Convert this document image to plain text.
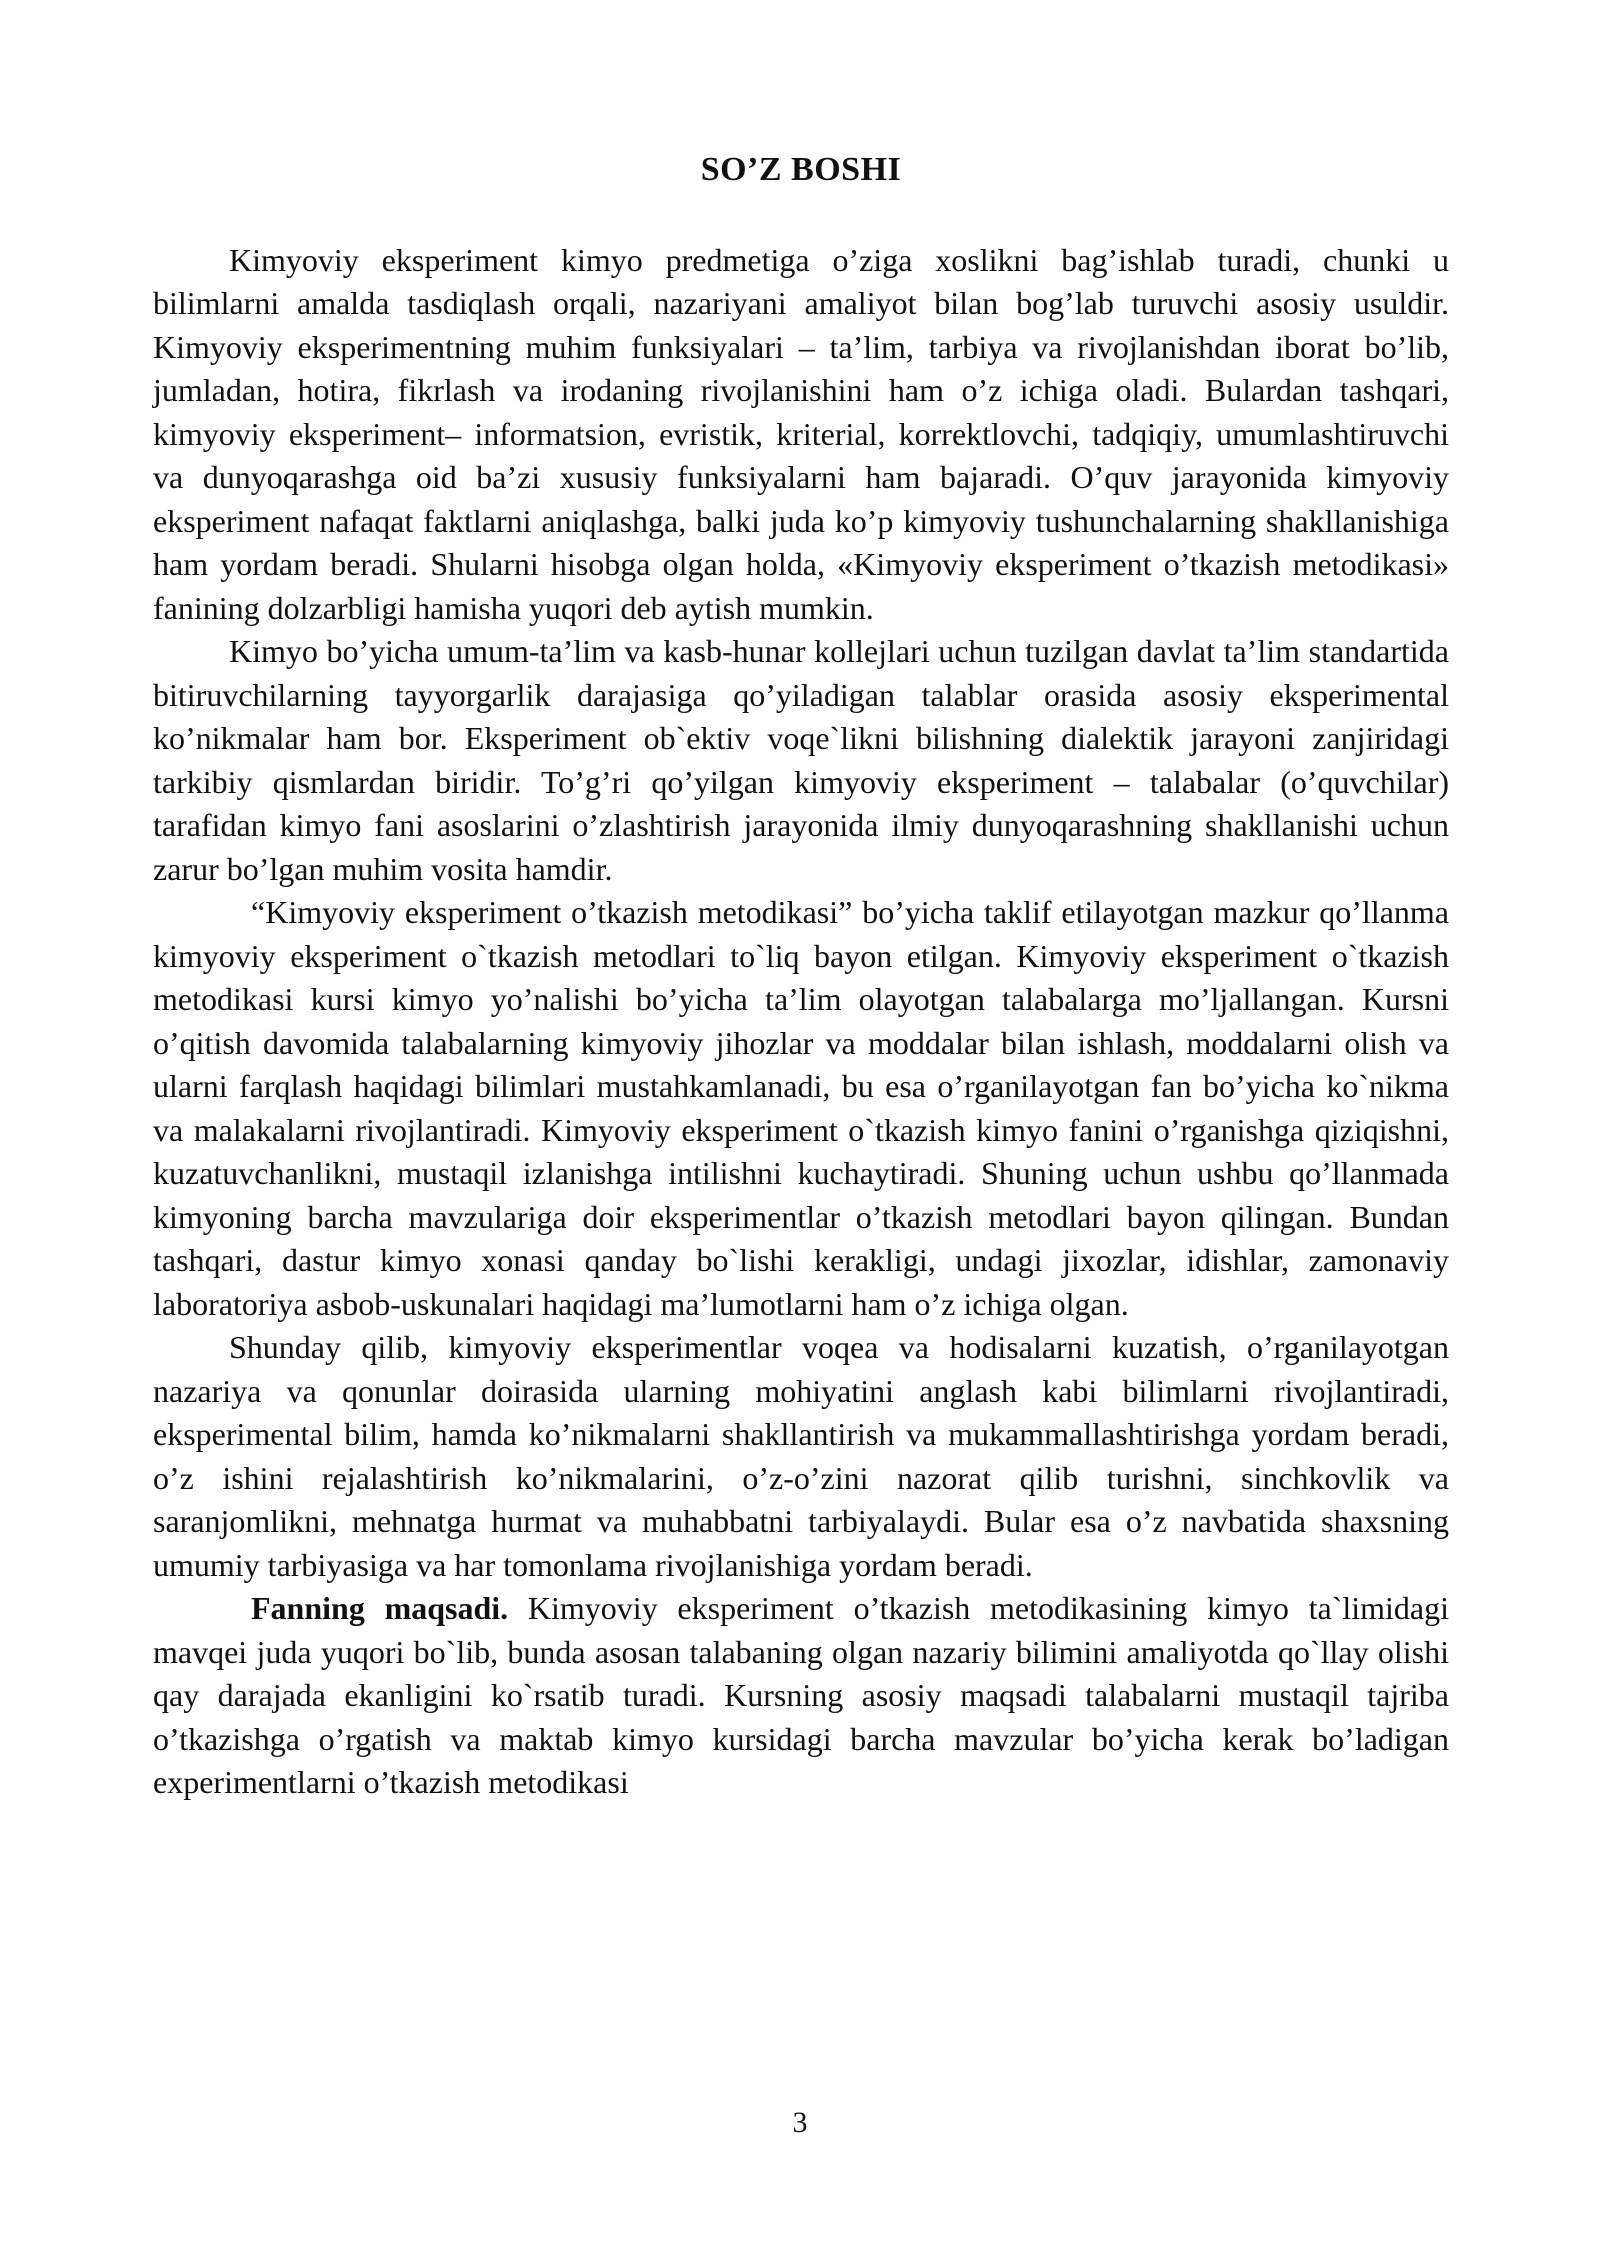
SO’Z BOSHI

Kimyoviy eksperiment kimyo predmetiga o’ziga xoslikni bag’ishlab turadi, chunki u bilimlarni amalda tasdiqlash orqali, nazariyani amaliyot bilan bog’lab turuvchi asosiy usuldir. Kimyoviy eksperimentning muhim funksiyalari – ta’lim, tarbiya va rivojlanishdan iborat bo’lib, jumladan, hotira, fikrlash va irodaning rivojlanishini ham o’z ichiga oladi. Bulardan tashqari, kimyoviy eksperiment– informatsion, evristik, kriterial, korrektlovchi, tadqiqiy, umumlashtiruvchi va dunyoqarashga oid ba’zi xususiy funksiyalarni ham bajaradi. O’quv jarayonida kimyoviy eksperiment nafaqat faktlarni aniqlashga, balki juda ko’p kimyoviy tushunchalarning shakllanishiga ham yordam beradi. Shularni hisobga olgan holda, «Kimyoviy eksperiment o’tkazish metodikasi» fanining dolzarbligi hamisha yuqori deb aytish mumkin.

Kimyo bo’yicha umum-ta’lim va kasb-hunar kollejlari uchun tuzilgan davlat ta’lim standartida bitiruvchilarning tayyorgarlik darajasiga qo’yiladigan talablar orasida asosiy eksperimental ko’nikmalar ham bor. Eksperiment ob`ektiv voqe`likni bilishning dialektik jarayoni zanjiridagi tarkibiy qismlardan biridir. To’g’ri qo’yilgan kimyoviy eksperiment – talabalar (o’quvchilar) tarafidan kimyo fani asoslarini o’zlashtirish jarayonida ilmiy dunyoqarashning shakllanishi uchun zarur bo’lgan muhim vosita hamdir.

“Kimyoviy eksperiment o’tkazish metodikasi” bo’yicha taklif etilayotgan mazkur qo’llanma kimyoviy eksperiment o`tkazish metodlari to`liq bayon etilgan. Kimyoviy eksperiment o`tkazish metodikasi kursi kimyo yo’nalishi bo’yicha ta’lim olayotgan talabalarga mo’ljallangan. Kursni o’qitish davomida talabalarning kimyoviy jihozlar va moddalar bilan ishlash, moddalarni olish va ularni farqlash haqidagi bilimlari mustahkamlanadi, bu esa o’rganilayotgan fan bo’yicha ko`nikma va malakalarni rivojlantiradi. Kimyoviy eksperiment o`tkazish kimyo fanini o’rganishga qiziqishni, kuzatuvchanlikni, mustaqil izlanishga intilishni kuchaytiradi. Shuning uchun ushbu qo’llanmada kimyoning barcha mavzulariga doir eksperimentlar o’tkazish metodlari bayon qilingan. Bundan tashqari, dastur kimyo xonasi qanday bo`lishi kerakligi, undagi jixozlar, idishlar, zamonaviy laboratoriya asbob-uskunalari haqidagi ma’lumotlarni ham o’z ichiga olgan.

Shunday qilib, kimyoviy eksperimentlar voqea va hodisalarni kuzatish, o’rganilayotgan nazariya va qonunlar doirasida ularning mohiyatini anglash kabi bilimlarni rivojlantiradi, eksperimental bilim, hamda ko’nikmalarni shakllantirish va mukammallashtirishga yordam beradi, o’z ishini rejalashtirish ko’nikmalarini, o’z-o’zini nazorat qilib turishni, sinchkovlik va saranjomlikni, mehnatga hurmat va muhabbatni tarbiyalaydi. Bular esa o’z navbatida shaxsning umumiy tarbiyasiga va har tomonlama rivojlanishiga yordam beradi.

Fanning maqsadi. Kimyoviy eksperiment o’tkazish metodikasining kimyo ta`limidagi mavqei juda yuqori bo`lib, bunda asosan talabaning olgan nazariy bilimini amaliyotda qo`llay olishi qay darajada ekanligini ko`rsatib turadi. Kursning asosiy maqsadi talabalarni mustaqil tajriba o’tkazishga o’rgatish va maktab kimyo kursidagi barcha mavzular bo’yicha kerak bo’ladigan experimentlarni o’tkazish metodikasi

3
